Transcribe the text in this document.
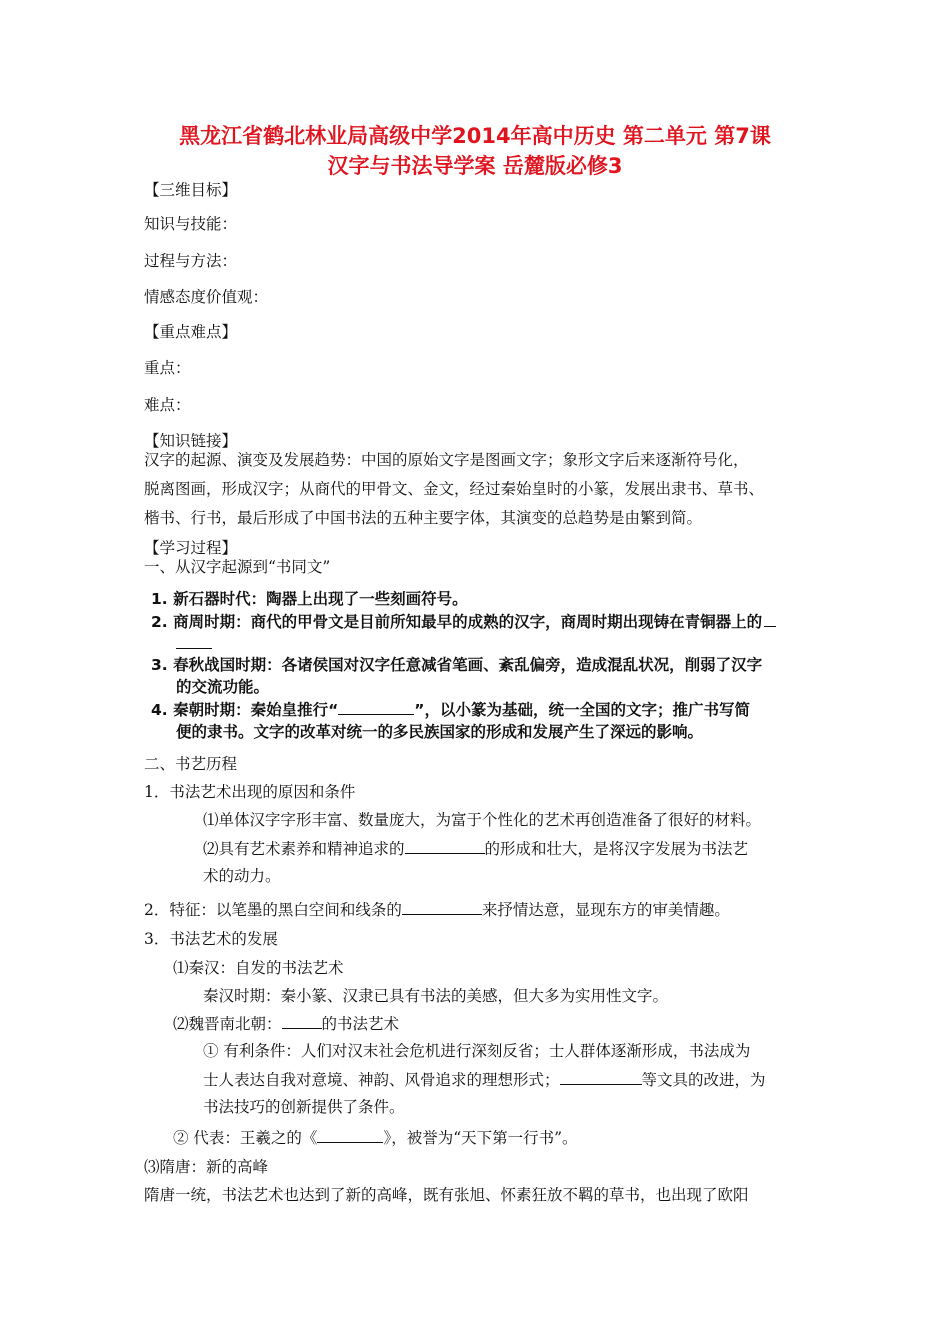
黑龙江省鹤北林业局高级中学2014年高中历史 第二单元 第7课
汉字与书法导学案 岳麓版必修3
【三维目标】
知识与技能：
过程与方法：
情感态度价值观：
【重点难点】
重点：
难点：
【知识链接】
汉字的起源、演变及发展趋势：中国的原始文字是图画文字；象形文字后来逐渐符号化，
脱离图画，形成汉字；从商代的甲骨文、金文，经过秦始皇时的小篆，发展出隶书、草书、
楷书、行书，最后形成了中国书法的五种主要字体，其演变的总趋势是由繁到简。
【学习过程】
一、从汉字起源到“书同文”
1. 新石器时代：陶器上出现了一些刻画符号。
2. 商周时期：商代的甲骨文是目前所知最早的成熟的汉字，商周时期出现铸在青铜器上的
3. 春秋战国时期：各诸侯国对汉字任意减省笔画、紊乱偏旁，造成混乱状况，削弱了汉字
的交流功能。
4. 秦朝时期：秦始皇推行“	”，以小篆为基础，统一全国的文字；推广书写简
便的隶书。文字的改革对统一的多民族国家的形成和发展产生了深远的影响。
二、书艺历程
1．书法艺术出现的原因和条件
⑴单体汉字字形丰富、数量庞大，为富于个性化的艺术再创造准备了很好的材料。
⑵具有艺术素养和精神追求的	的形成和壮大，是将汉字发展为书法艺
术的动力。
2．特征：以笔墨的黑白空间和线条的	来抒情达意，显现东方的审美情趣。
3．书法艺术的发展
⑴秦汉：自发的书法艺术
秦汉时期：秦小篆、汉隶已具有书法的美感，但大多为实用性文字。
⑵魏晋南北朝：	的书法艺术
① 有利条件：人们对汉末社会危机进行深刻反省；士人群体逐渐形成，书法成为
士人表达自我对意境、神韵、风骨追求的理想形式；	等文具的改进，为
书法技巧的创新提供了条件。
② 代表：王羲之的《	》，被誉为“天下第一行书”。
⑶隋唐：新的高峰
隋唐一统，书法艺术也达到了新的高峰，既有张旭、怀素狂放不羁的草书，也出现了欧阳
